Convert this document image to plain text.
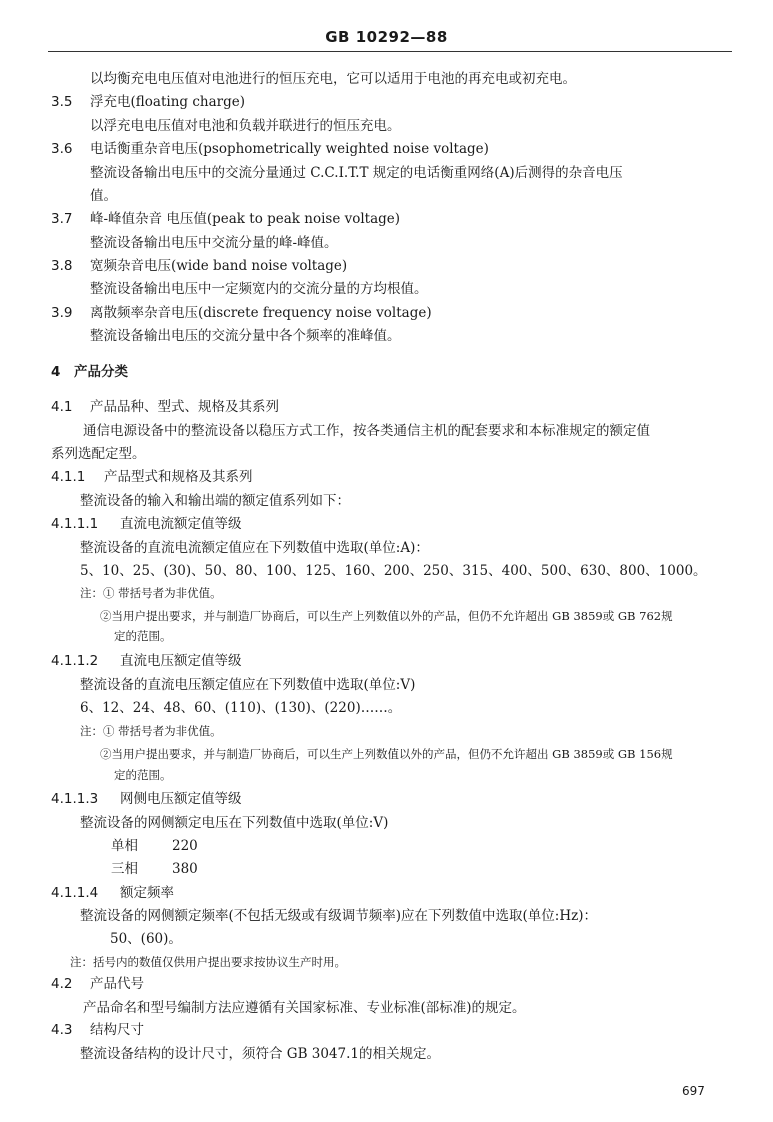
GB 10292—88
以均衡充电电压值对电池进行的恒压充电，它可以适用于电池的再充电或初充电。
3.5 浮充电(floating charge)
以浮充电电压值对电池和负载并联进行的恒压充电。
3.6 电话衡重杂音电压(psophometrically weighted noise voltage)
整流设备输出电压中的交流分量通过 C.C.I.T.T 规定的电话衡重网络(A)后测得的杂音电压
值。
3.7 峰-峰值杂音 电压值(peak to peak noise voltage)
整流设备输出电压中交流分量的峰-峰值。
3.8 宽频杂音电压(wide band noise voltage)
整流设备输出电压中一定频宽内的交流分量的方均根值。
3.9 离散频率杂音电压(discrete frequency noise voltage)
整流设备输出电压的交流分量中各个频率的准峰值。
4 产品分类
4.1 产品品种、型式、规格及其系列
通信电源设备中的整流设备以稳压方式工作，按各类通信主机的配套要求和本标准规定的额定值
系列选配定型。
4.1.1 产品型式和规格及其系列
整流设备的输入和输出端的额定值系列如下：
4.1.1.1 直流电流额定值等级
整流设备的直流电流额定值应在下列数值中选取(单位:A)：
5、10、25、(30)、50、80、100、125、160、200、250、315、400、500、630、800、1000。
注：① 带括号者为非优值。
②当用户提出要求，并与制造厂协商后，可以生产上列数值以外的产品，但仍不允许超出 GB 3859或 GB 762规
定的范围。
4.1.1.2 直流电压额定值等级
整流设备的直流电压额定值应在下列数值中选取(单位:V)
6、12、24、48、60、(110)、(130)、(220)……。
注：① 带括号者为非优值。
②当用户提出要求，并与制造厂协商后，可以生产上列数值以外的产品，但仍不允许超出 GB 3859或 GB 156规
定的范围。
4.1.1.3 网侧电压额定值等级
整流设备的网侧额定电压在下列数值中选取(单位:V)
单相	220
三相	380
4.1.1.4 额定频率
整流设备的网侧额定频率(不包括无级或有级调节频率)应在下列数值中选取(单位:Hz)：
50、(60)。
注：括号内的数值仅供用户提出要求按协议生产时用。
4.2 产品代号
产品命名和型号编制方法应遵循有关国家标准、专业标准(部标准)的规定。
4.3 结构尺寸
整流设备结构的设计尺寸，须符合 GB 3047.1的相关规定。
697
